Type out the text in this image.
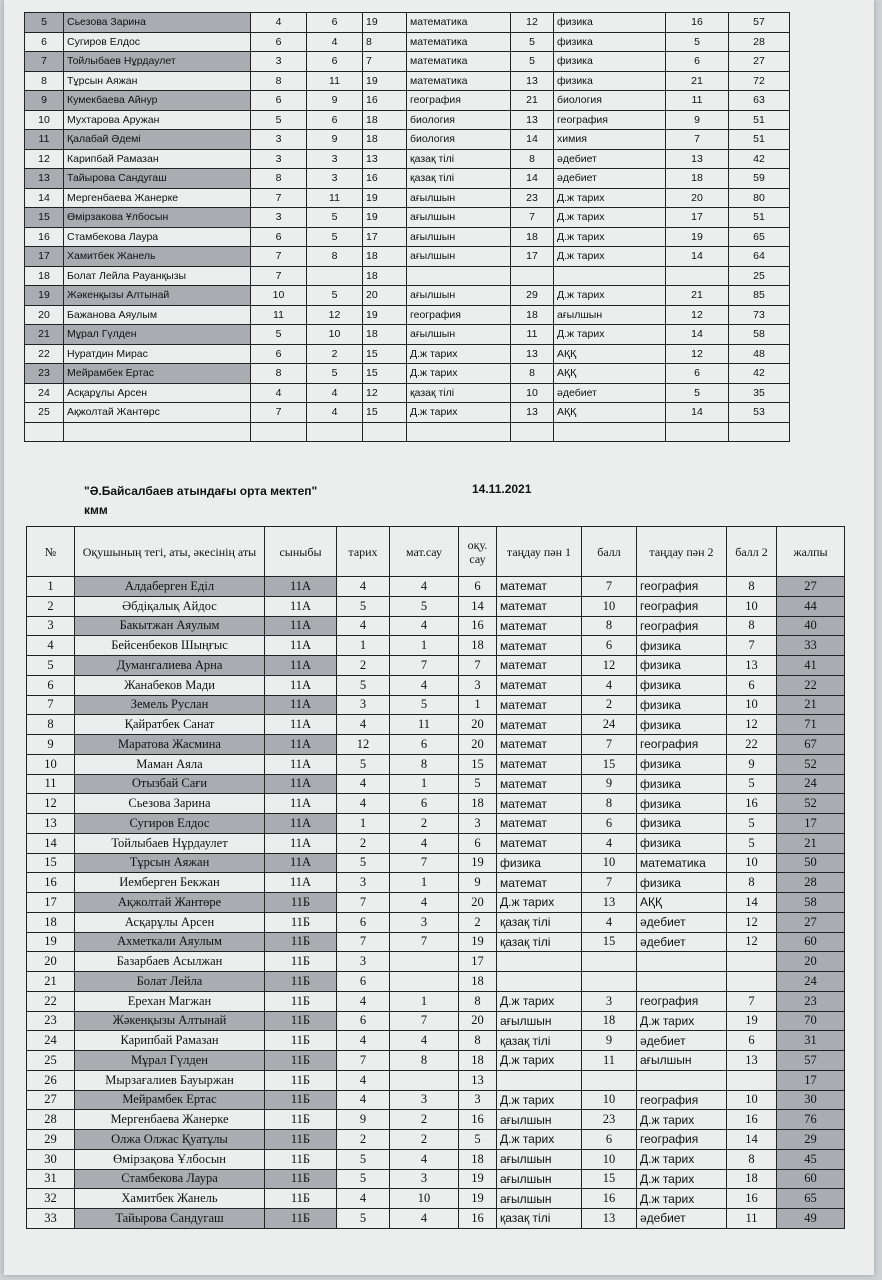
5	Сьезова Зарина	4	6	19	математика	12	физика	16	57
6	Сугиров Елдос	6	4	8	математика	5	физика	5	28
7	Тойлыбаев Нұрдаулет	3	6	7	математика	5	физика	6	27
8	Тұрсын Аяжан	8	11	19	математика	13	физика	21	72
9	Кумекбаева Айнур	6	9	16	география	21	биология	11	63
10	Мухтарова Аружан	5	6	18	биология	13	география	9	51
11	Қалабай Әдемі	3	9	18	биология	14	химия	7	51
12	Карипбай Рамазан	3	3	13	қазақ тілі	8	әдебиет	13	42
13	Тайырова Сандугаш	8	3	16	қазақ тілі	14	әдебиет	18	59
14	Мергенбаева Жанерке	7	11	19	ағылшын	23	Д.ж тарих	20	80
15	Өмірзакова Ұлбосын	3	5	19	ағылшын	7	Д.ж тарих	17	51
16	Стамбекова Лаура	6	5	17	ағылшын	18	Д.ж тарих	19	65
17	Хамитбек Жанель	7	8	18	ағылшын	17	Д.ж тарих	14	64
18	Болат Лейла Рауанқызы	7		18					25
19	Жәкенқызы Алтынай	10	5	20	ағылшын	29	Д.ж тарих	21	85
20	Бажанова Аяулым	11	12	19	география	18	ағылшын	12	73
21	Мұрал Гүлден	5	10	18	ағылшын	11	Д.ж тарих	14	58
22	Нуратдин Мирас	6	2	15	Д.ж тарих	13	АҚҚ	12	48
23	Мейрамбек Ертас	8	5	15	Д.ж тарих	8	АҚҚ	6	42
24	Асқарұлы Арсен	4	4	12	қазақ тілі	10	әдебиет	5	35
25	Ақжолтай Жантөрс	7	4	15	Д.ж тарих	13	АҚҚ	14	53

"Ә.Байсалбаев атындағы орта мектеп" кмм
14.11.2021
№	Оқушының тегі, аты, әкесінің аты	сыныбы	тарих	мат.сау	оқу. сау	таңдау пән 1	балл	таңдау пән 2	балл 2	жалпы
1	Алдаберген Еділ	11А	4	4	6	математ	7	география	8	27
2	Әбдіқалық Айдос	11А	5	5	14	математ	10	география	10	44
3	Бакытжан Аяулым	11А	4	4	16	математ	8	география	8	40
4	Бейсенбеков Шыңғыс	11А	1	1	18	математ	6	физика	7	33
5	Думангалиева Арна	11А	2	7	7	математ	12	физика	13	41
6	Жанабеков Мади	11А	5	4	3	математ	4	физика	6	22
7	Земель Руслан	11А	3	5	1	математ	2	физика	10	21
8	Қайратбек Санат	11А	4	11	20	математ	24	физика	12	71
9	Маратова Жасмина	11А	12	6	20	математ	7	география	22	67
10	Маман Аяла	11А	5	8	15	математ	15	физика	9	52
11	Отызбай Сағи	11А	4	1	5	математ	9	физика	5	24
12	Сьезова Зарина	11А	4	6	18	математ	8	физика	16	52
13	Сугиров Елдос	11А	1	2	3	математ	6	физика	5	17
14	Тойлыбаев Нұрдаулет	11А	2	4	6	математ	4	физика	5	21
15	Тұрсын Аяжан	11А	5	7	19	физика	10	математика	10	50
16	Иемберген Бекжан	11А	3	1	9	математ	7	физика	8	28
17	Ақжолтай Жантөре	11Б	7	4	20	Д.ж тарих	13	АҚҚ	14	58
18	Асқарұлы Арсен	11Б	6	3	2	қазақ тілі	4	әдебиет	12	27
19	Ахметкали Аяулым	11Б	7	7	19	қазақ тілі	15	әдебиет	12	60
20	Базарбаев Асылжан	11Б	3		17					20
21	Болат Лейла	11Б	6		18					24
22	Ерехан Магжан	11Б	4	1	8	Д.ж тарих	3	география	7	23
23	Жәкенқызы Алтынай	11Б	6	7	20	ағылшын	18	Д.ж тарих	19	70
24	Карипбай Рамазан	11Б	4	4	8	қазақ тілі	9	әдебиет	6	31
25	Мұрал Гүлден	11Б	7	8	18	Д.ж тарих	11	ағылшын	13	57
26	Мырзағалиев Бауыржан	11Б	4		13					17
27	Мейрамбек Ертас	11Б	4	3	3	Д.ж тарих	10	география	10	30
28	Мергенбаева Жанерке	11Б	9	2	16	ағылшын	23	Д.ж тарих	16	76
29	Олжа Олжас Қуатұлы	11Б	2	2	5	Д.ж тарих	6	география	14	29
30	Өмірзақова Ұлбосын	11Б	5	4	18	ағылшын	10	Д.ж тарих	8	45
31	Стамбекова Лаура	11Б	5	3	19	ағылшын	15	Д.ж тарих	18	60
32	Хамитбек Жанель	11Б	4	10	19	ағылшын	16	Д.ж тарих	16	65
33	Тайырова Сандугаш	11Б	5	4	16	қазақ тілі	13	әдебиет	11	49
